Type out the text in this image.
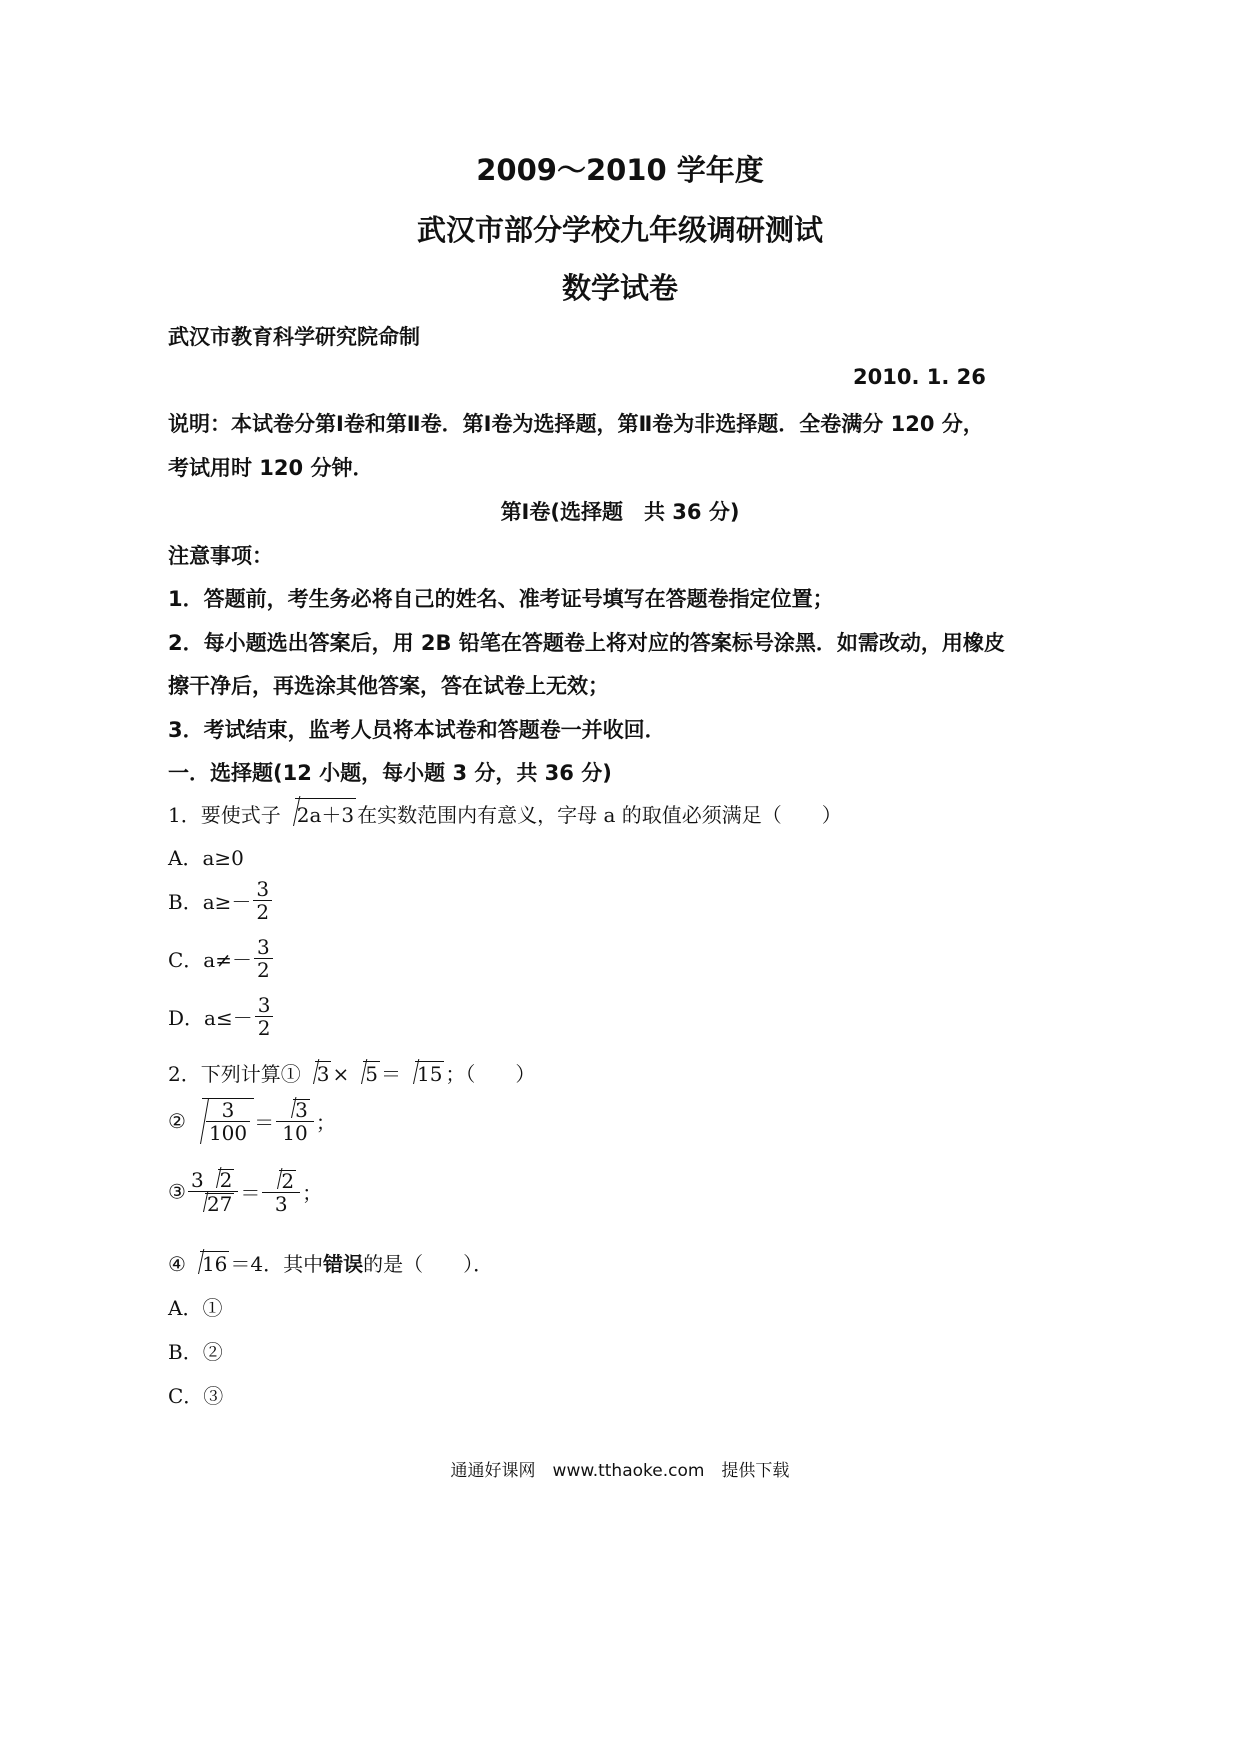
2009～2010 学年度
武汉市部分学校九年级调研测试
数学试卷
武汉市教育科学研究院命制
2010. 1. 26
说明：本试卷分第Ⅰ卷和第Ⅱ卷．第Ⅰ卷为选择题，第Ⅱ卷为非选择题．全卷满分 120 分，
考试用时 120 分钟．
第Ⅰ卷(选择题　共 36 分)
注意事项：
1．答题前，考生务必将自己的姓名、准考证号填写在答题卷指定位置；
2．每小题选出答案后，用 2B 铅笔在答题卷上将对应的答案标号涂黑．如需改动，用橡皮
擦干净后，再选涂其他答案，答在试卷上无效；
3．考试结束，监考人员将本试卷和答题卷一并收回．
一．选择题(12 小题，每小题 3 分，共 36 分)
1．要使式子 2a＋3 在实数范围内有意义，字母 a 的取值必须满足（　　）
A．a≥0
B．$a\ge- \frac{3}{2}$
C．$a\ne- \frac{3}{2}$
D．$a\le- \frac{3}{2}$
2．下列计算① 3 × 5 ＝ 15 ；（　　）
② $\frac{3}{100} = \frac{3}{10}$ ；
③ $\frac{3 2}{27} = \frac{2}{3}$ ；
④ 16 ＝4．其中错误的是（　　）．
A．①
B．②
C．③
通通好课网　www.tthaoke.com　提供下载
